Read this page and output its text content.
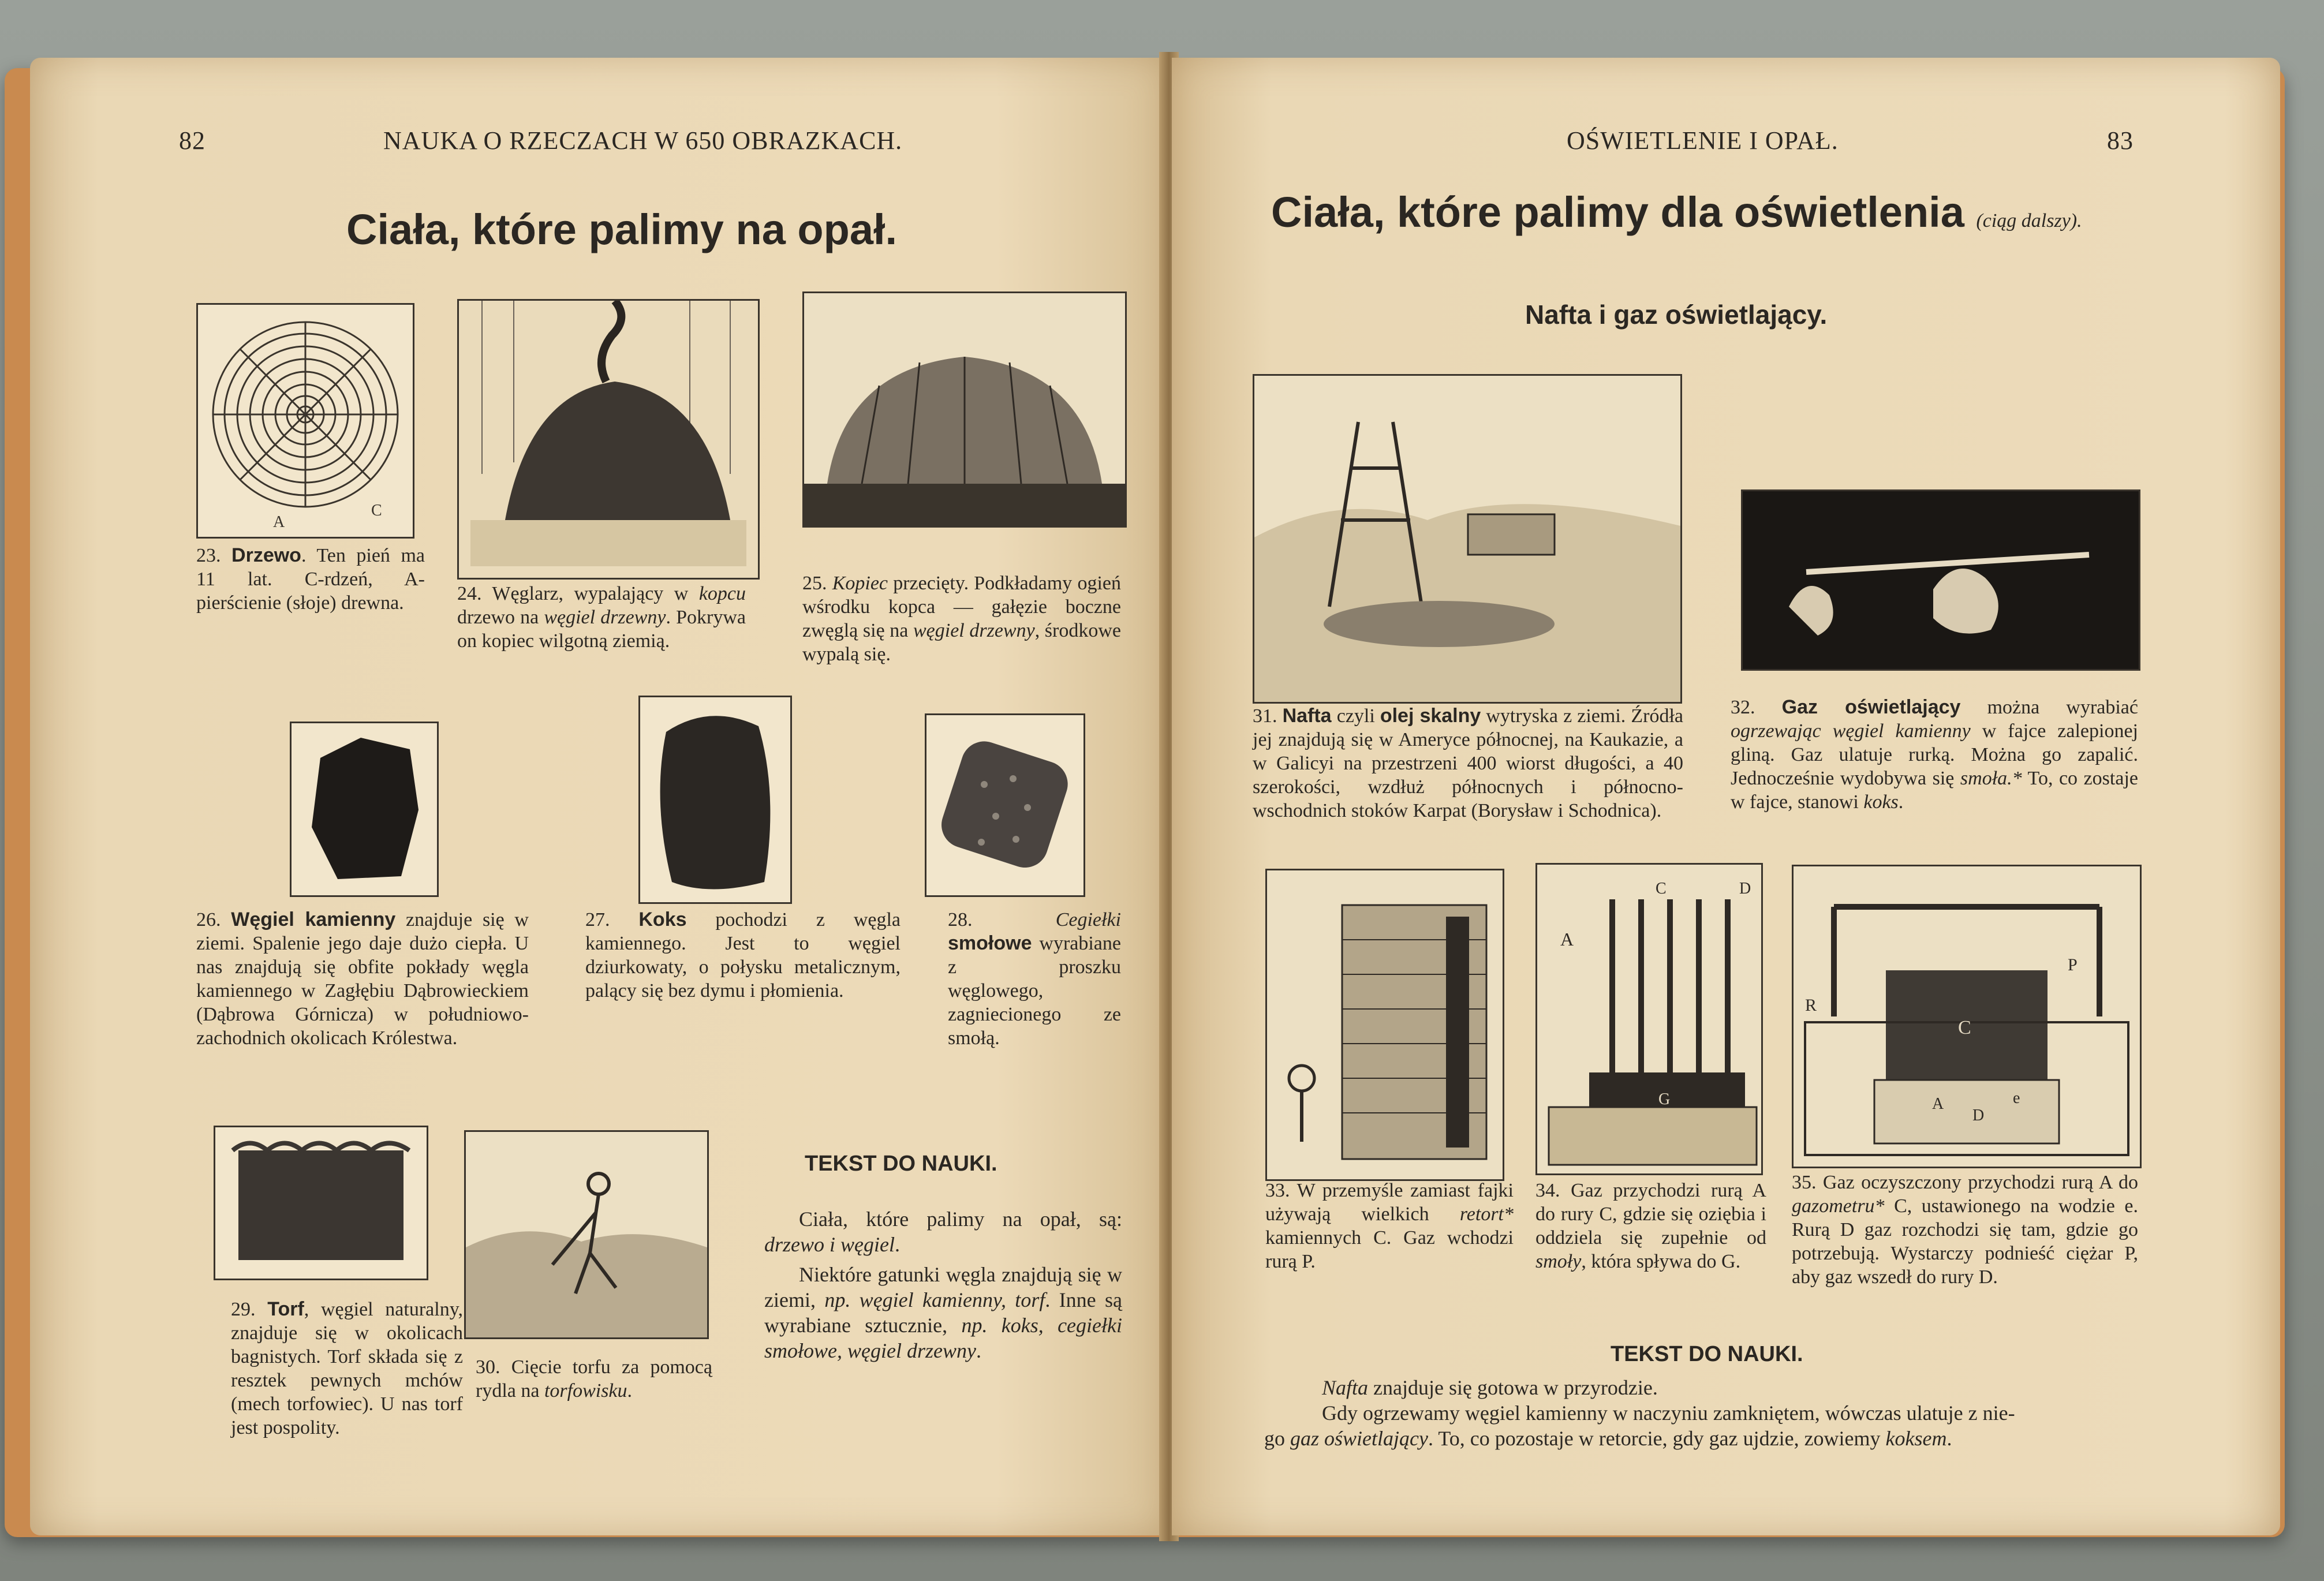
82	NAUKA O RZECZACH W 650 OBRAZKACH.
Ciała, które palimy na opał.
A
C
23. Drzewo. Ten pień ma 11 lat. C-rdzeń, A-pierścienie (słoje) drewna.	24. Węglarz, wypalający w kopcu drzewo na węgiel drzewny. Pokrywa on kopiec wilgotną ziemią.
25. Kopiec przecięty. Podkładamy ogień wśrodku kopca — gałęzie boczne zwęglą się na węgiel drzewny, środkowe wypalą się.
26. Węgiel kamienny znajduje się w ziemi. Spalenie jego daje dużo ciepła. U nas znajdują się obfite pokłady węgla kamiennego w Zagłębiu Dąbrowieckiem (Dąbrowa Górnicza) w południowo-zachodnich okolicach Królestwa.
27. Koks pochodzi z węgla kamiennego. Jest to węgiel dziurkowaty, o połysku metalicznym, palący się bez dymu i płomienia.
28.	Cegiełki smołowe wyrabiane z proszku węglowego, zagniecionego ze smołą.
29. Torf, węgiel naturalny, znajduje się w okolicach bagnistych. Torf składa się z resztek pewnych mchów (mech torfowiec). U nas torf jest pospolity.
30. Cięcie torfu za pomocą rydla na torfowisku.
TEKST DO NAUKI.
Ciała, które palimy na opał, są: drzewo i węgiel.
Niektóre gatunki węgla znajdują się w ziemi, np. węgiel kamienny, torf. Inne są wyrabiane sztucznie, np. koks, cegiełki smołowe, węgiel drzewny.
OŚWIETLENIE I OPAŁ.	83
Ciała, które palimy dla oświetlenia (ciąg dalszy).
Nafta i gaz oświetlający.
31. Nafta czyli olej skalny wytryska z ziemi. Źródła jej znajdują się w Ameryce północnej, na Kaukazie, a w Galicyi na przestrzeni 400 wiorst długości, a 40 szerokości, wzdłuż północnych i północno-wschodnich stoków Karpat (Borysław i Schodnica).
32. Gaz oświetlający można wyrabiać ogrzewając węgiel kamienny w fajce zalepionej gliną. Gaz ulatuje rurką. Można go zapalić. Jednocześnie wydobywa się smoła.* To, co zostaje w fajce, stanowi koks.
A
C	D
G
C
R
P
A	e
D
33. W przemyśle zamiast fajki używają wielkich retort* kamiennych C. Gaz wchodzi rurą P.
34. Gaz przychodzi rurą A do rury C, gdzie się oziębia i oddziela się zupełnie od smoły, która spływa do G.
35. Gaz oczyszczony przychodzi rurą A do gazometru* C, ustawionego na wodzie e. Rurą D gaz rozchodzi się tam, gdzie go potrzebują. Wystarczy podnieść ciężar P, aby gaz wszedł do rury D.
TEKST DO NAUKI.
Nafta znajduje się gotowa w przyrodzie.
Gdy ogrzewamy węgiel kamienny w naczyniu zamkniętem, wówczas ulatuje z nie-
go gaz oświetlający. To, co pozostaje w retorcie, gdy gaz ujdzie, zowiemy koksem.
